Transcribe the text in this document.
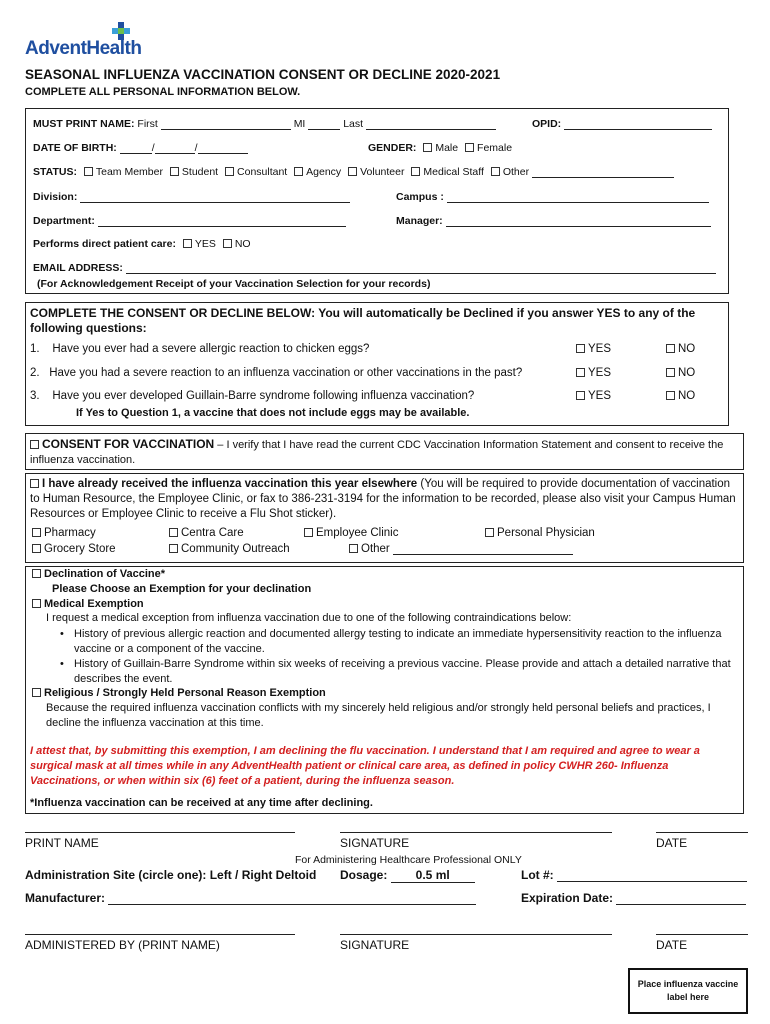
AdventHealth
SEASONAL INFLUENZA VACCINATION CONSENT OR DECLINE 2020-2021
COMPLETE ALL PERSONAL INFORMATION BELOW.
MUST PRINT NAME: First	MI	Last	OPID:
DATE OF BIRTH:	/	/	GENDER: Male Female
STATUS: Team Member Student Consultant Agency Volunteer Medical Staff Other
Division:	Campus :
Department:	Manager:
Performs direct patient care: YES NO
EMAIL ADDRESS:
(For Acknowledgement Receipt of your Vaccination Selection for your records)
COMPLETE THE CONSENT OR DECLINE BELOW: You will automatically be Declined if you answer YES to any of the following questions:
1. Have you ever had a severe allergic reaction to chicken eggs?	YES	NO
2. Have you had a severe reaction to an influenza vaccination or other vaccinations in the past?	YES	NO
3. Have you ever developed Guillain-Barre syndrome following influenza vaccination?	YES	NO
If Yes to Question 1, a vaccine that does not include eggs may be available.
CONSENT FOR VACCINATION – I verify that I have read the current CDC Vaccination Information Statement and consent to receive the influenza vaccination.
I have already received the influenza vaccination this year elsewhere (You will be required to provide documentation of vaccination to Human Resource, the Employee Clinic, or fax to 386-231-3194 for the information to be recorded, please also visit your Campus Human Resources or Employee Clinic to receive a Flu Shot sticker).
Pharmacy	Centra Care	Employee Clinic	Personal Physician
Grocery Store	Community Outreach	Other
Declination of Vaccine*
Please Choose an Exemption for your declination
Medical Exemption
I request a medical exception from influenza vaccination due to one of the following contraindications below:
• History of previous allergic reaction and documented allergy testing to indicate an immediate hypersensitivity reaction to the influenza vaccine or a component of the vaccine.
• History of Guillain-Barre Syndrome within six weeks of receiving a previous vaccine. Please provide and attach a detailed narrative that describes the event.
Religious / Strongly Held Personal Reason Exemption
Because the required influenza vaccination conflicts with my sincerely held religious and/or strongly held personal beliefs and practices, I decline the influenza vaccination at this time.
I attest that, by submitting this exemption, I am declining the flu vaccination. I understand that I am required and agree to wear a surgical mask at all times while in any AdventHealth patient or clinical care area, as defined in policy CWHR 260- Influenza Vaccinations, or when within six (6) feet of a patient, during the influenza season.
*Influenza vaccination can be received at any time after declining.
PRINT NAME	SIGNATURE	DATE
For Administering Healthcare Professional ONLY
Administration Site (circle one): Left / Right Deltoid Dosage: 0.5 ml	Lot #:
Manufacturer:	Expiration Date:
ADMINISTERED BY (PRINT NAME)	SIGNATURE	DATE
Place influenza vaccine label here
